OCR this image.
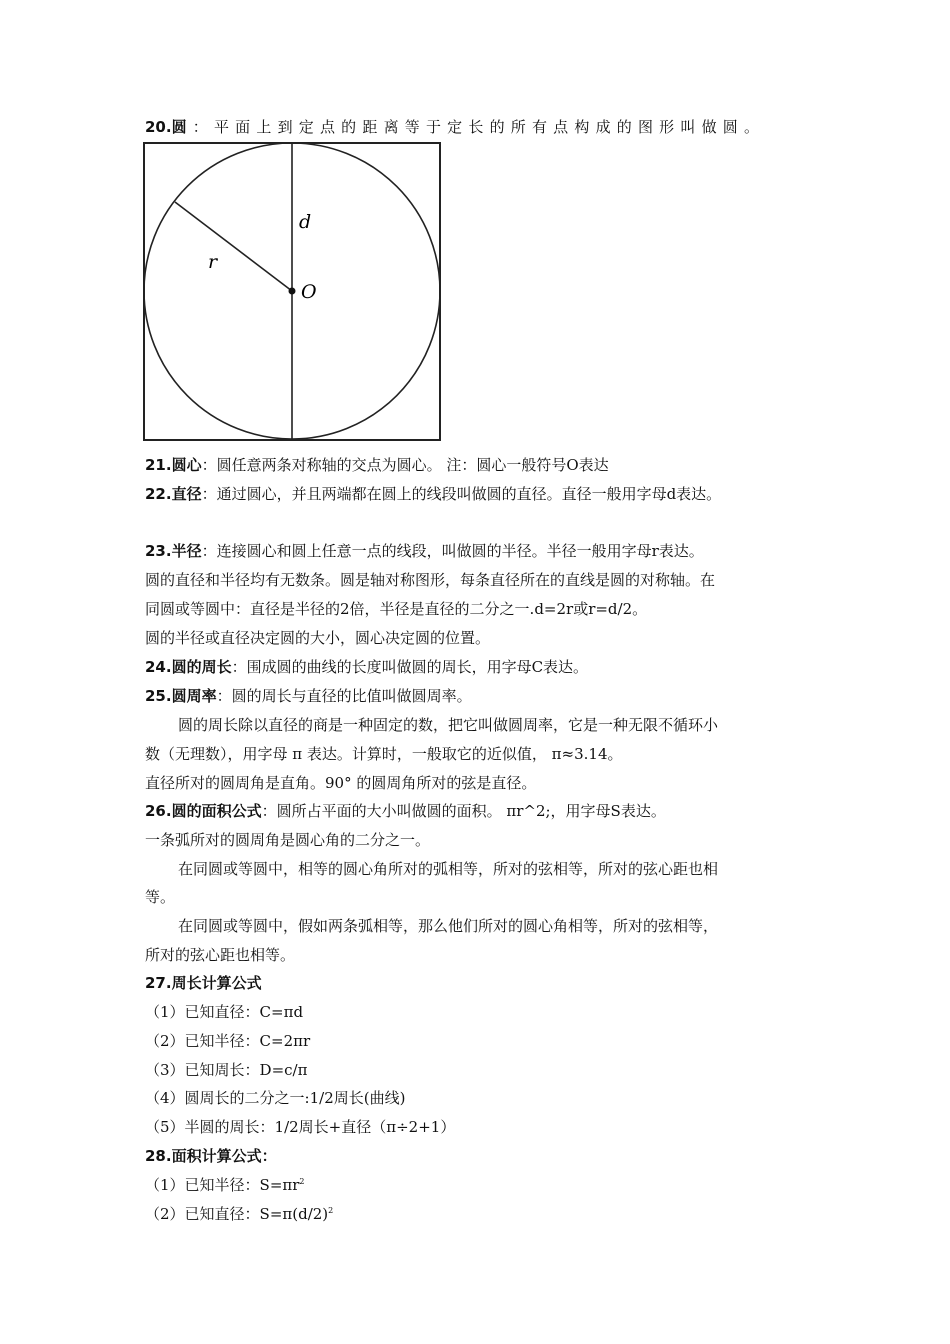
20.圆：平面上到定点的距离等于定长的所有点构成的图形叫做圆。
d
r
O
21.圆心：圆任意两条对称轴的交点为圆心。 注：圆心一般符号O表达
22.直径：通过圆心，并且两端都在圆上的线段叫做圆的直径。直径一般用字母d表达。
23.半径：连接圆心和圆上任意一点的线段，叫做圆的半径。半径一般用字母r表达。
圆的直径和半径均有无数条。圆是轴对称图形，每条直径所在的直线是圆的对称轴。在
同圆或等圆中：直径是半径的2倍，半径是直径的二分之一.d=2r或r=d/2。
圆的半径或直径决定圆的大小，圆心决定圆的位置。
24.圆的周长：围成圆的曲线的长度叫做圆的周长，用字母C表达。
25.圆周率：圆的周长与直径的比值叫做圆周率。
圆的周长除以直径的商是一种固定的数，把它叫做圆周率，它是一种无限不循环小
数（无理数），用字母 π 表达。计算时，一般取它的近似值， π≈3.14。
直径所对的圆周角是直角。90° 的圆周角所对的弦是直径。
26.圆的面积公式：圆所占平面的大小叫做圆的面积。 πr^2;，用字母S表达。
一条弧所对的圆周角是圆心角的二分之一。
在同圆或等圆中，相等的圆心角所对的弧相等，所对的弦相等，所对的弦心距也相
等。
在同圆或等圆中，假如两条弧相等，那么他们所对的圆心角相等，所对的弦相等，
所对的弦心距也相等。
27.周长计算公式
（1）已知直径：C=πd
（2）已知半径：C=2πr
（3）已知周长：D=c/π
（4）圆周长的二分之一:1/2周长(曲线)
（5）半圆的周长：1/2周长+直径（π÷2+1）
28.面积计算公式：
（1）已知半径：$S=\pi r^2$
（2）已知直径：$S=\pi(d/2)^2$
